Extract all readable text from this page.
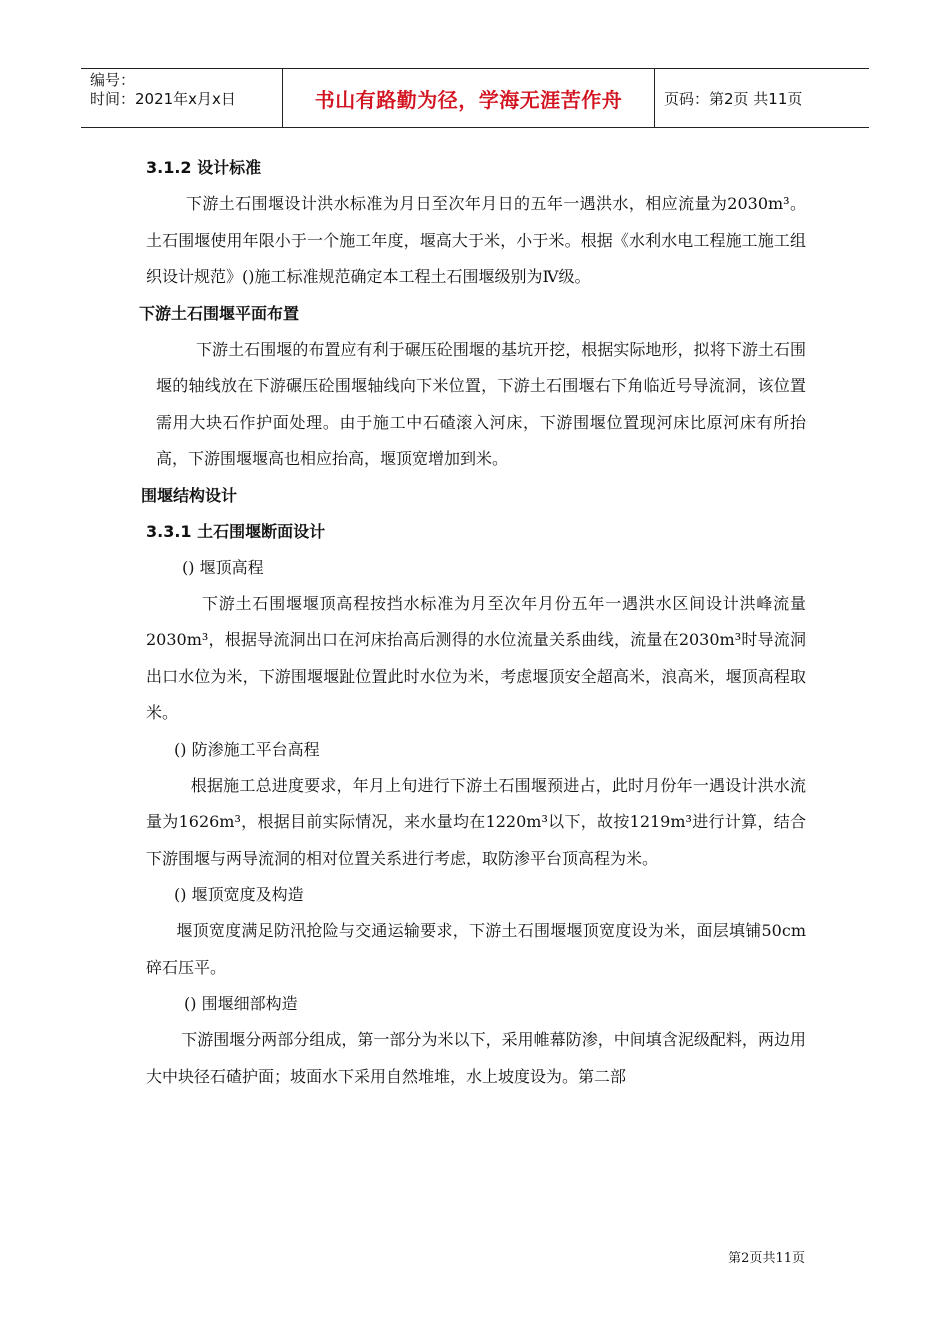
编号：
时间：2021年x月x日	书山有路勤为径，学海无涯苦作舟	页码：第2页 共11页
3.1.2 设计标准

下游土石围堰设计洪水标准为月日至次年月日的五年一遇洪水，相应流量为2030m³。土石围堰使用年限小于一个施工年度，堰高大于米，小于米。根据《水利水电工程施工施工组织设计规范》()施工标准规范确定本工程土石围堰级别为Ⅳ级。

下游土石围堰平面布置

下游土石围堰的布置应有利于碾压砼围堰的基坑开挖，根据实际地形，拟将下游土石围堰的轴线放在下游碾压砼围堰轴线向下米位置，下游土石围堰右下角临近号导流洞，该位置需用大块石作护面处理。由于施工中石碴滚入河床，下游围堰位置现河床比原河床有所抬高，下游围堰堰高也相应抬高，堰顶宽增加到米。

围堰结构设计
3.3.1 土石围堰断面设计
() 堰顶高程

下游土石围堰堰顶高程按挡水标准为月至次年月份五年一遇洪水区间设计洪峰流量2030m³，根据导流洞出口在河床抬高后测得的水位流量关系曲线，流量在2030m³时导流洞出口水位为米，下游围堰堰趾位置此时水位为米，考虑堰顶安全超高米，浪高米，堰顶高程取米。

() 防渗施工平台高程

根据施工总进度要求，年月上旬进行下游土石围堰预进占，此时月份年一遇设计洪水流量为1626m³，根据目前实际情况，来水量均在1220m³以下，故按1219m³进行计算，结合下游围堰与两导流洞的相对位置关系进行考虑，取防渗平台顶高程为米。

() 堰顶宽度及构造

堰顶宽度满足防汛抢险与交通运输要求，下游土石围堰堰顶宽度设为米，面层填铺50cm碎石压平。

() 围堰细部构造

下游围堰分两部分组成，第一部分为米以下，采用帷幕防渗，中间填含泥级配料，两边用大中块径石碴护面；坡面水下采用自然堆堆，水上坡度设为。第二部

第2页共11页
